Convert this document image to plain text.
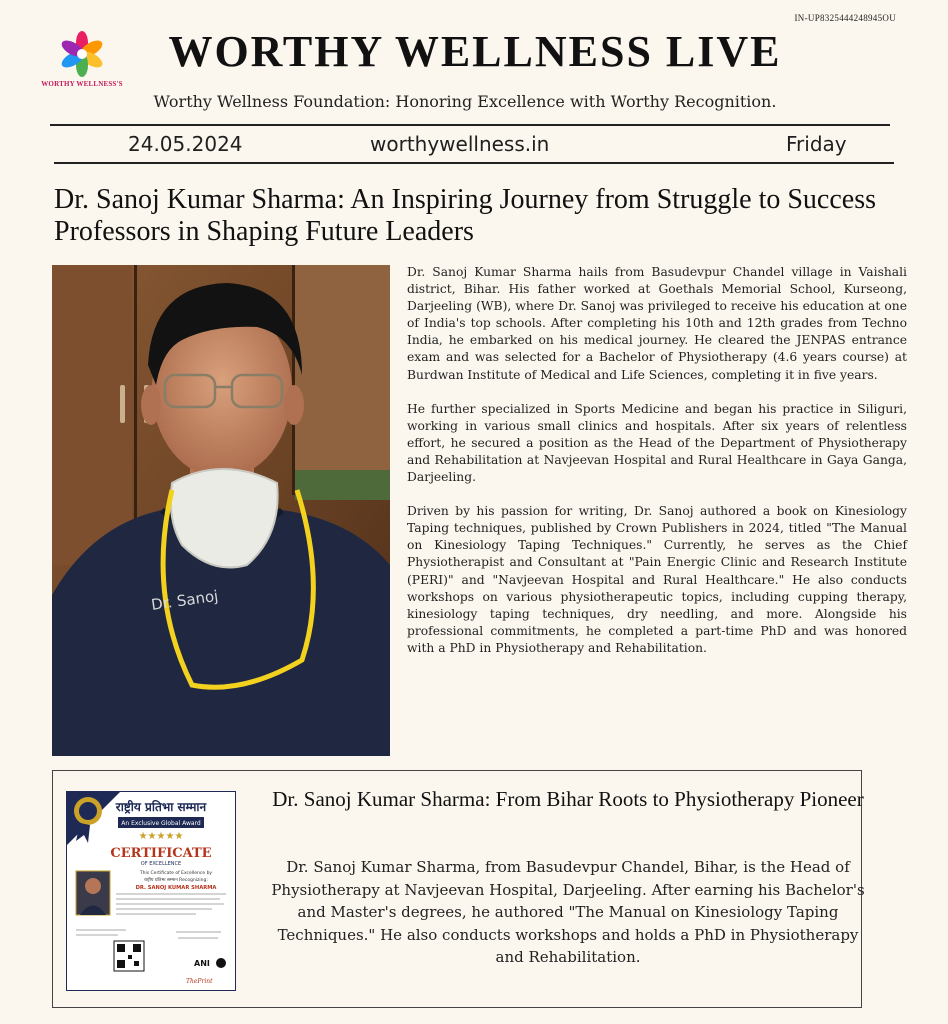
IN-UP8325444248945OU
WORTHY WELLNESS'S
WORTHY WELLNESS LIVE
Worthy Wellness Foundation: Honoring Excellence with Worthy Recognition.
24.05.2024	worthywellness.in	Friday
Dr. Sanoj Kumar Sharma: An Inspiring Journey from Struggle to Success Professors in Shaping Future Leaders
Dr. Sanoj

Dr. Sanoj Kumar Sharma hails from Basudevpur Chandel village in Vaishali district, Bihar. His father worked at Goethals Memorial School, Kurseong, Darjeeling (WB), where Dr. Sanoj was privileged to receive his education at one of India's top schools. After completing his 10th and 12th grades from Techno India, he embarked on his medical journey. He cleared the JENPAS entrance exam and was selected for a Bachelor of Physiotherapy (4.6 years course) at Burdwan Institute of Medical and Life Sciences, completing it in five years.

He further specialized in Sports Medicine and began his practice in Siliguri, working in various small clinics and hospitals. After six years of relentless effort, he secured a position as the Head of the Department of Physiotherapy and Rehabilitation at Navjeevan Hospital and Rural Healthcare in Gaya Ganga, Darjeeling.

Driven by his passion for writing, Dr. Sanoj authored a book on Kinesiology Taping techniques, published by Crown Publishers in 2024, titled "The Manual on Kinesiology Taping Techniques." Currently, he serves as the Chief Physiotherapist and Consultant at "Pain Energic Clinic and Research Institute (PERI)" and "Navjeevan Hospital and Rural Healthcare." He also conducts workshops on various physiotherapeutic topics, including cupping therapy, kinesiology taping techniques, dry needling, and more. Alongside his professional commitments, he completed a part-time PhD and was honored with a PhD in Physiotherapy and Rehabilitation.

राष्ट्रीय प्रतिभा सम्मान
An Exclusive Global Award
★★★★★
CERTIFICATE
OF EXCELLENCE
This Certificate of Excellence by
राष्ट्रीय प्रतिभा सम्मान Recognizing:
DR. SANOJ KUMAR SHARMA
ANI
ThePrint
Dr. Sanoj Kumar Sharma: From Bihar Roots to Physiotherapy Pioneer
Dr. Sanoj Kumar Sharma, from Basudevpur Chandel, Bihar, is the Head of Physiotherapy at Navjeevan Hospital, Darjeeling. After earning his Bachelor's and Master's degrees, he authored "The Manual on Kinesiology Taping Techniques." He also conducts workshops and holds a PhD in Physiotherapy and Rehabilitation.
